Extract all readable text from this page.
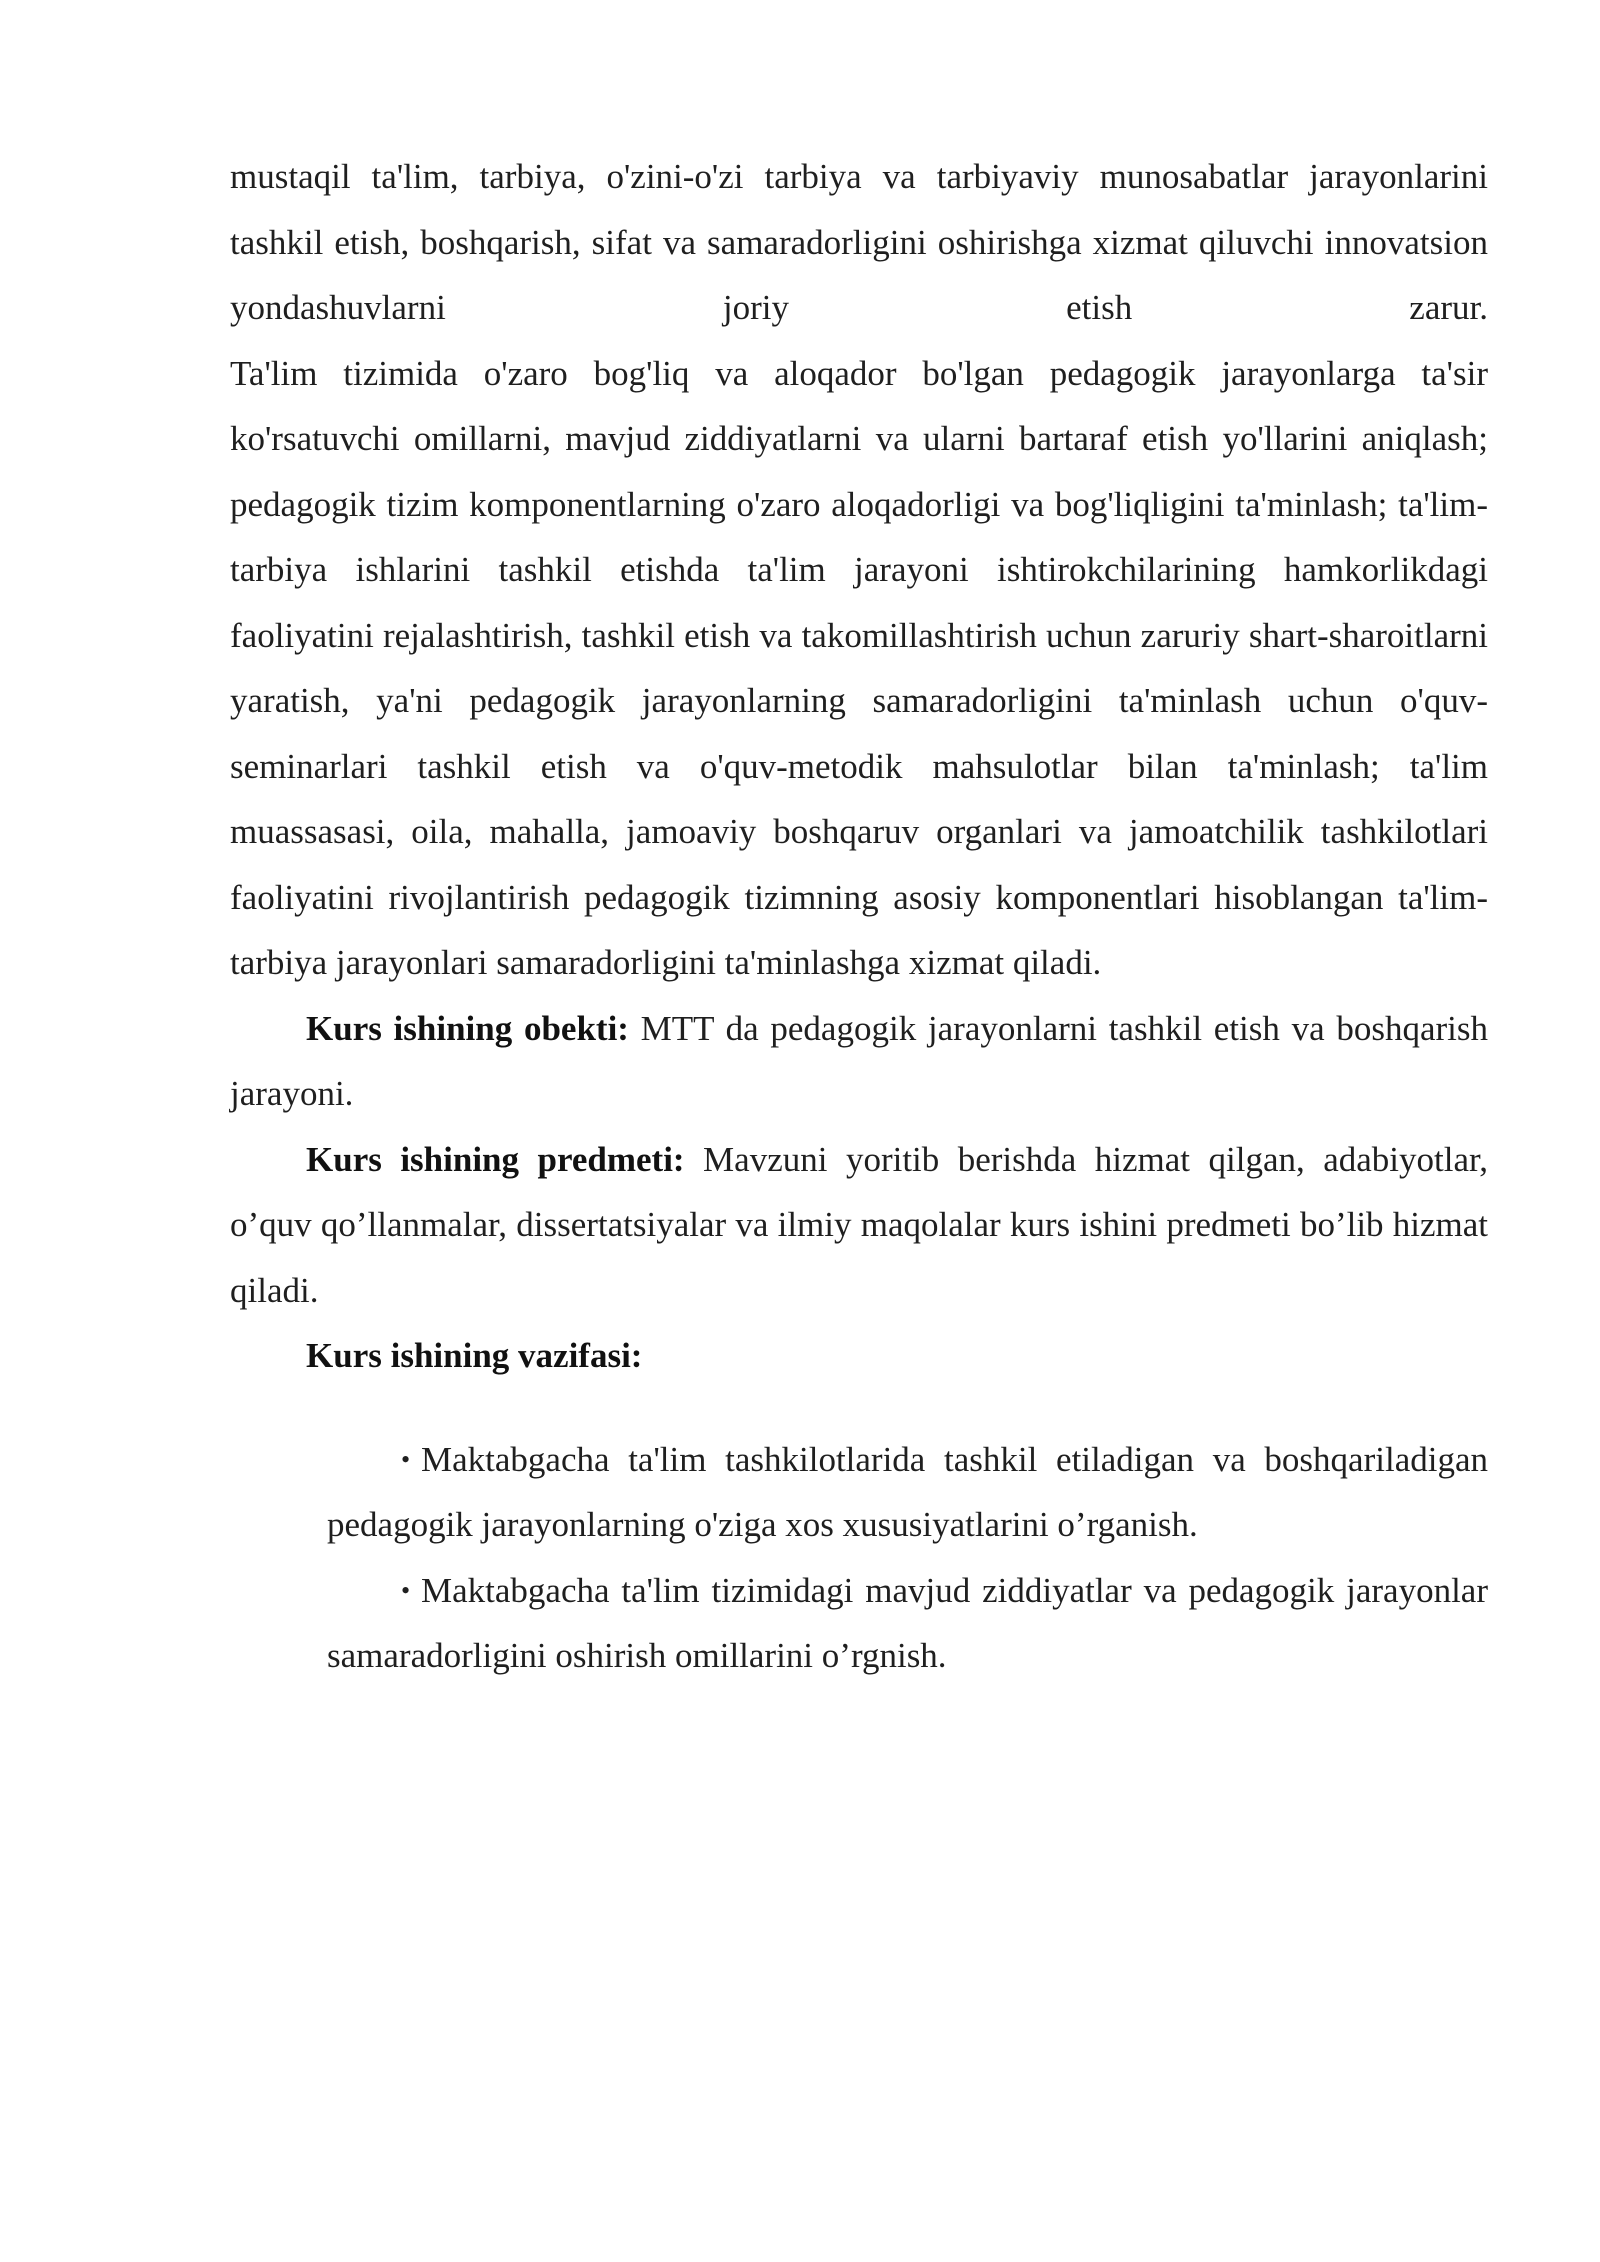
mustaqil ta'lim, tarbiya, o'zini-o'zi tarbiya va tarbiyaviy munosabatlar jarayonlarini tashkil etish, boshqarish, sifat va samaradorligini oshirishga xizmat qiluvchi innovatsion yondashuvlarni joriy etish zarur.
Ta'lim tizimida o'zaro bog'liq va aloqador bo'lgan pedagogik jarayonlarga ta'sir ko'rsatuvchi omillarni, mavjud ziddiyatlarni va ularni bartaraf etish yo'llarini aniqlash; pedagogik tizim komponentlarning o'zaro aloqadorligi va bog'liqligini ta'minlash; ta'lim-tarbiya ishlarini tashkil etishda ta'lim jarayoni ishtirokchilarining hamkorlikdagi faoliyatini rejalashtirish, tashkil etish va takomillashtirish uchun zaruriy shart-sharoitlarni yaratish, ya'ni pedagogik jarayonlarning samaradorligini ta'minlash uchun o'quv-seminarlari tashkil etish va o'quv-metodik mahsulotlar bilan ta'minlash; ta'lim muassasasi, oila, mahalla, jamoaviy boshqaruv organlari va jamoatchilik tashkilotlari faoliyatini rivojlantirish pedagogik tizimning asosiy komponentlari hisoblangan ta'lim-tarbiya jarayonlari samaradorligini ta'minlashga xizmat qiladi.

Kurs ishining obekti: MTT da pedagogik jarayonlarni tashkil etish va boshqarish jarayoni.

Kurs ishining predmeti: Mavzuni yoritib berishda hizmat qilgan, adabiyotlar, o’quv qo’llanmalar, dissertatsiyalar va ilmiy maqolalar kurs ishini predmeti bo’lib hizmat qiladi.

Kurs ishining vazifasi:

• Maktabgacha ta'lim tashkilotlarida tashkil etiladigan va boshqariladigan pedagogik jarayonlarning o'ziga xos xususiyatlarini o’rganish.
• Maktabgacha ta'lim tizimidagi mavjud ziddiyatlar va pedagogik jarayonlar samaradorligini oshirish omillarini o’rgnish.
